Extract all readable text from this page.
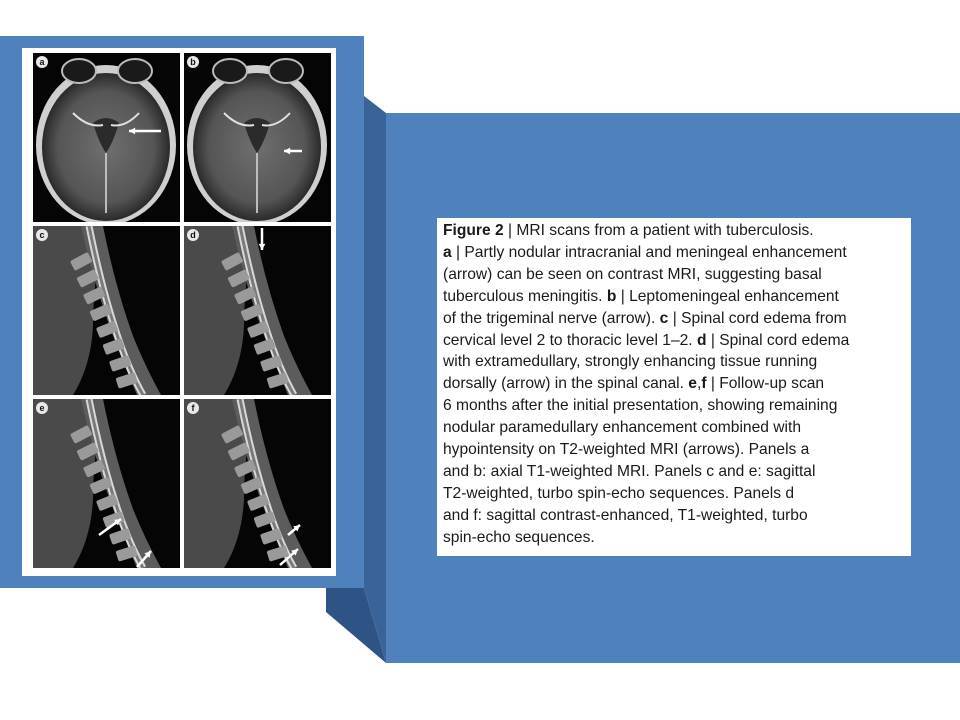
a	b
c	d
e	f
Figure 2 | MRI scans from a patient with tuberculosis.
a | Partly nodular intracranial and meningeal enhancement
(arrow) can be seen on contrast MRI, suggesting basal
tuberculous meningitis. b | Leptomeningeal enhancement
of the trigeminal nerve (arrow). c | Spinal cord edema from
cervical level 2 to thoracic level 1–2. d | Spinal cord edema
with extramedullary, strongly enhancing tissue running
dorsally (arrow) in the spinal canal. e,f | Follow-up scan
6 months after the initial presentation, showing remaining
nodular paramedullary enhancement combined with
hypointensity on T2-weighted MRI (arrows). Panels a
and b: axial T1-weighted MRI. Panels c and e: sagittal
T2-weighted, turbo spin-echo sequences. Panels d
and f: sagittal contrast-enhanced, T1-weighted, turbo
spin-echo sequences.
